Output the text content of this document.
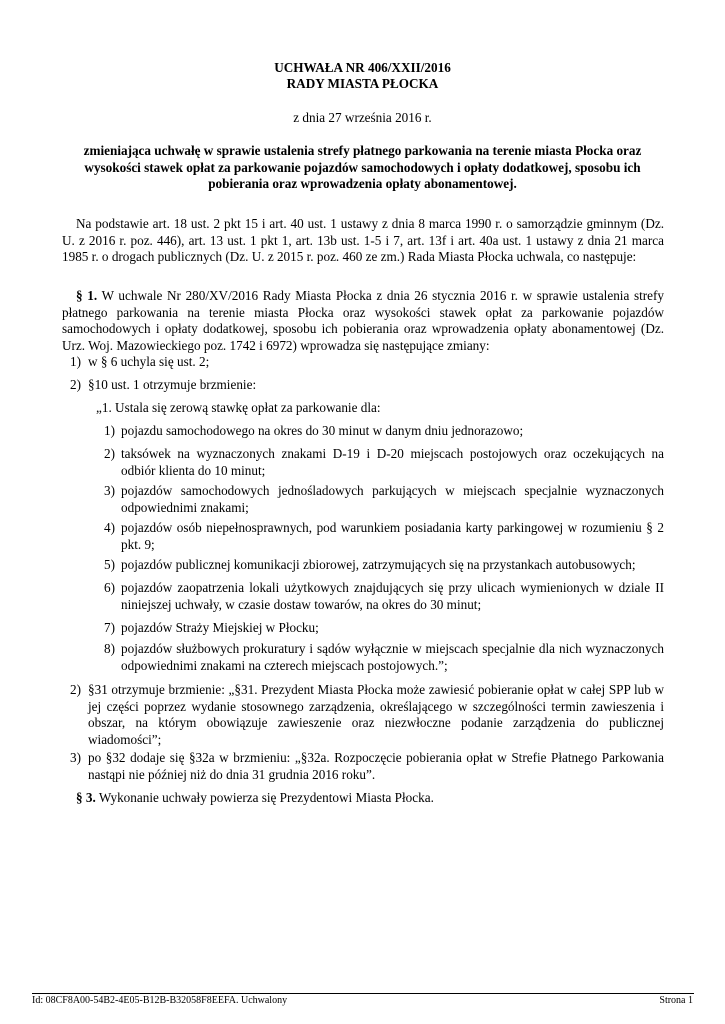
UCHWAŁA NR 406/XXII/2016
RADY MIASTA PŁOCKA
z dnia 27 września 2016 r.
zmieniająca uchwałę w sprawie ustalenia strefy płatnego parkowania na terenie miasta Płocka oraz wysokości stawek opłat za parkowanie pojazdów samochodowych i opłaty dodatkowej, sposobu ich pobierania oraz wprowadzenia opłaty abonamentowej.
Na podstawie art. 18 ust. 2 pkt 15 i art. 40 ust. 1 ustawy z dnia 8 marca 1990 r. o samorządzie gminnym (Dz. U. z 2016 r. poz. 446), art. 13 ust. 1 pkt 1, art. 13b ust. 1-5 i 7, art. 13f i art. 40a ust. 1 ustawy z dnia 21 marca 1985 r. o drogach publicznych (Dz. U. z 2015 r. poz. 460 ze zm.) Rada Miasta Płocka uchwala, co następuje:
§ 1. W uchwale Nr 280/XV/2016 Rady Miasta Płocka z dnia 26 stycznia 2016 r. w sprawie ustalenia strefy płatnego parkowania na terenie miasta Płocka oraz wysokości stawek opłat za parkowanie pojazdów samochodowych i opłaty dodatkowej, sposobu ich pobierania oraz wprowadzenia opłaty abonamentowej (Dz. Urz. Woj. Mazowieckiego poz. 1742 i 6972) wprowadza się następujące zmiany:
1) w § 6 uchyla się ust. 2;
2) §10 ust. 1 otrzymuje brzmienie:
„1. Ustala się zerową stawkę opłat za parkowanie dla:
1) pojazdu samochodowego na okres do 30 minut w danym dniu jednorazowo;
2) taksówek na wyznaczonych znakami D-19 i D-20 miejscach postojowych oraz oczekujących na odbiór klienta do 10 minut;
3) pojazdów samochodowych jednośladowych parkujących w miejscach specjalnie wyznaczonych odpowiednimi znakami;
4) pojazdów osób niepełnosprawnych, pod warunkiem posiadania karty parkingowej w rozumieniu § 2 pkt. 9;
5) pojazdów publicznej komunikacji zbiorowej, zatrzymujących się na przystankach autobusowych;
6) pojazdów zaopatrzenia lokali użytkowych znajdujących się przy ulicach wymienionych w dziale II niniejszej uchwały, w czasie dostaw towarów, na okres do 30 minut;
7) pojazdów Straży Miejskiej w Płocku;
8) pojazdów służbowych prokuratury i sądów wyłącznie w miejscach specjalnie dla nich wyznaczonych odpowiednimi znakami na czterech miejscach postojowych.”;
2) §31 otrzymuje brzmienie: „§31. Prezydent Miasta Płocka może zawiesić pobieranie opłat w całej SPP lub w jej części poprzez wydanie stosownego zarządzenia, określającego w szczególności termin zawieszenia i obszar, na którym obowiązuje zawieszenie oraz niezwłoczne podanie zarządzenia do publicznej wiadomości”;
3) po §32 dodaje się §32a w brzmieniu: „§32a. Rozpoczęcie pobierania opłat w Strefie Płatnego Parkowania nastąpi nie później niż do dnia 31 grudnia 2016 roku”.
§ 3. Wykonanie uchwały powierza się Prezydentowi Miasta Płocka.
Id: 08CF8A00-54B2-4E05-B12B-B32058F8EEFA. Uchwalony	Strona 1
